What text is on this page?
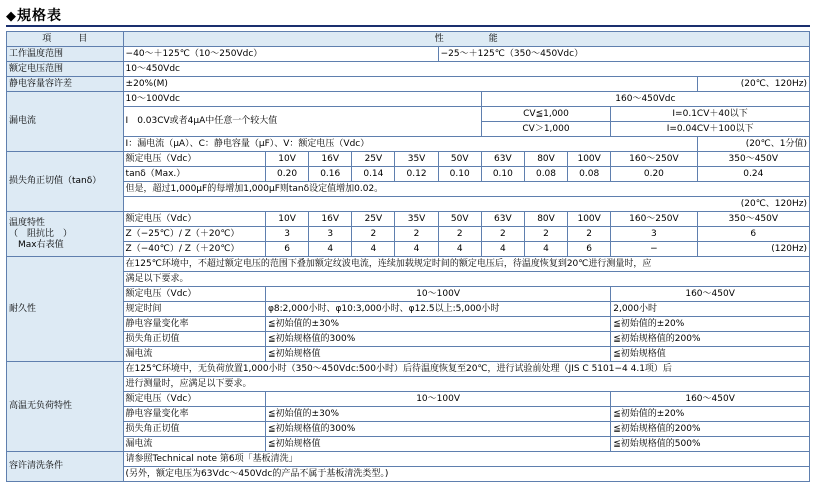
◆ 規格表
項　　　目	性　　　　　能										
工作温度范围	−40～＋125℃（10～250Vdc）					−25～＋125℃（350～450Vdc）					
额定电压范围	10～450Vdc										
静电容量容许差	±20%(M)										(20℃、120Hz)
漏电流	10～100Vdc						160～450Vdc				
	Ⅰ　0.03CV或者4μA中任意一个较大值						CV≦1,000			Ⅰ=0.1CV＋40以下	
							CV＞1,000			Ⅰ=0.04CV＋100以下	
	Ⅰ：漏电流（μA）、C：静电容量（μF）、V：额定电压（Vdc）										(20℃、1分值)
损失角正切值（tanδ）	额定电压（Vdc）	10V	16V	25V	35V	50V	63V	80V	100V	160～250V	350～450V
	tanδ（Max.）	0.20	0.16	0.14	0.12	0.10	0.10	0.08	0.08	0.20	0.24
	但是，超过1,000μF的每增加1,000μF则tanδ设定值增加0.02。										
	(20℃、120Hz)										

温度特性
（　阻抗比　）
　Max右表值	额定电压（Vdc）	10V	16V	25V	35V	50V	63V	80V	100V	160～250V	350～450V
	Z（−25℃）/ Z（＋20℃）	3	3	2	2	2	2	2	2	3	6
	Z（−40℃）/ Z（＋20℃）	6	4	4	4	4	4	4	6	−	(120Hz)
耐久性	在125℃环境中，不超过额定电压的范围下叠加额定纹波电流，连续加载规定时间的额定电压后，待温度恢复到20℃进行测量时，应										
	满足以下要求。										
	额定电压（Vdc）	10～100V								160～450V	
	规定时间	φ8:2,000小时、φ10:3,000小时、φ12.5以上:5,000小时								2,000小时	
	静电容量变化率	≦初始值的±30%								≦初始值的±20%	
	损失角正切值	≦初始规格值的300%								≦初始规格值的200%	
	漏电流	≦初始规格值								≦初始规格值	
高温无负荷特性	在125℃环境中，无负荷放置1,000小时（350～450Vdc:500小时）后待温度恢复至20℃，进行试验前处理（JIS C 5101−4 4.1项）后										
	进行测量时，应满足以下要求。										
	额定电压（Vdc）	10～100V								160～450V	
	静电容量变化率	≦初始值的±30%								≦初始值的±20%	
	损失角正切值	≦初始规格值的300%								≦初始规格值的200%	
	漏电流	≦初始规格值								≦初始规格值的500%	
容许清洗条件	请参照Technical note 第6项「基板清洗」										
	(另外，额定电压为63Vdc～450Vdc的产品不属于基板清洗类型。)										
